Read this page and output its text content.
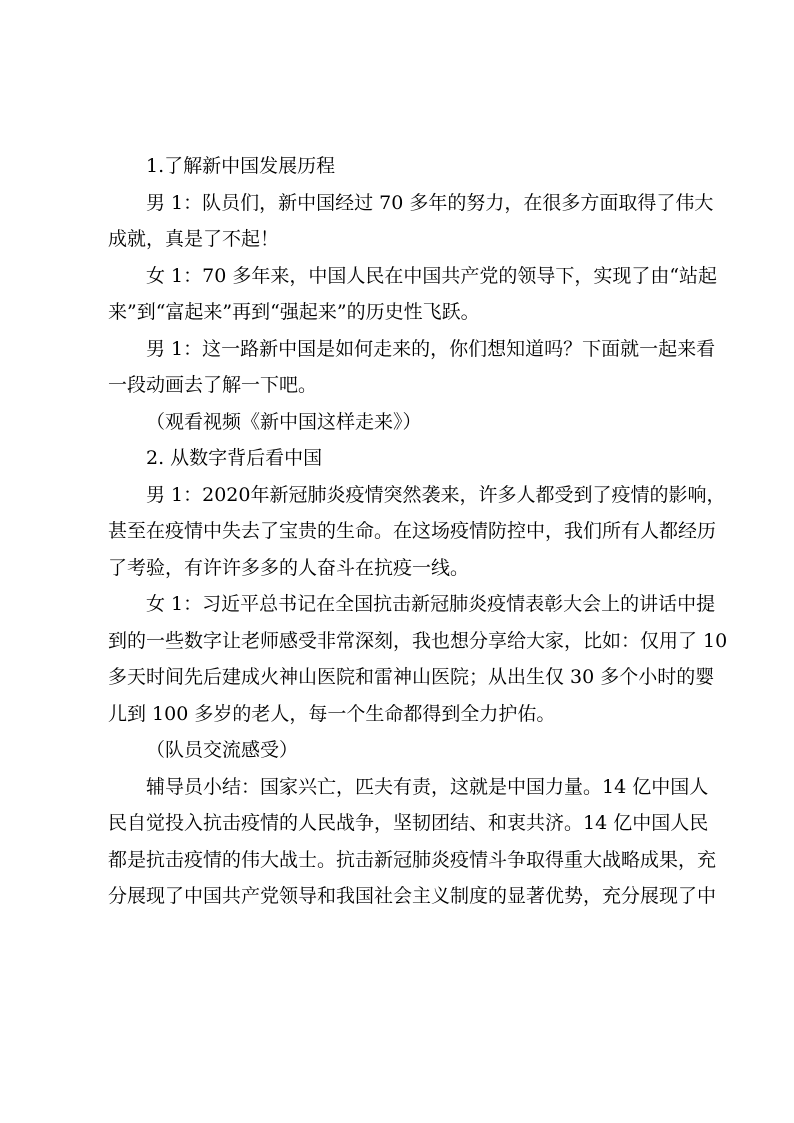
1.了解新中国发展历程

男 1：队员们，新中国经过 70 多年的努力，在很多方面取得了伟大

成就，真是了不起！

女 1：70 多年来，中国人民在中国共产党的领导下，实现了由“站起

来”到“富起来”再到“强起来”的历史性飞跃。

男 1：这一路新中国是如何走来的，你们想知道吗？下面就一起来看

一段动画去了解一下吧。

（观看视频《新中国这样走来》）

2. 从数字背后看中国

男 1：2020年新冠肺炎疫情突然袭来，许多人都受到了疫情的影响，

甚至在疫情中失去了宝贵的生命。在这场疫情防控中，我们所有人都经历

了考验，有许许多多的人奋斗在抗疫一线。

女 1：习近平总书记在全国抗击新冠肺炎疫情表彰大会上的讲话中提

到的一些数字让老师感受非常深刻，我也想分享给大家，比如：仅用了 10

多天时间先后建成火神山医院和雷神山医院；从出生仅 30 多个小时的婴

儿到 100 多岁的老人，每一个生命都得到全力护佑。

（队员交流感受）

辅导员小结：国家兴亡，匹夫有责，这就是中国力量。14 亿中国人

民自觉投入抗击疫情的人民战争，坚韧团结、和衷共济。14 亿中国人民

都是抗击疫情的伟大战士。抗击新冠肺炎疫情斗争取得重大战略成果，充

分展现了中国共产党领导和我国社会主义制度的显著优势，充分展现了中
